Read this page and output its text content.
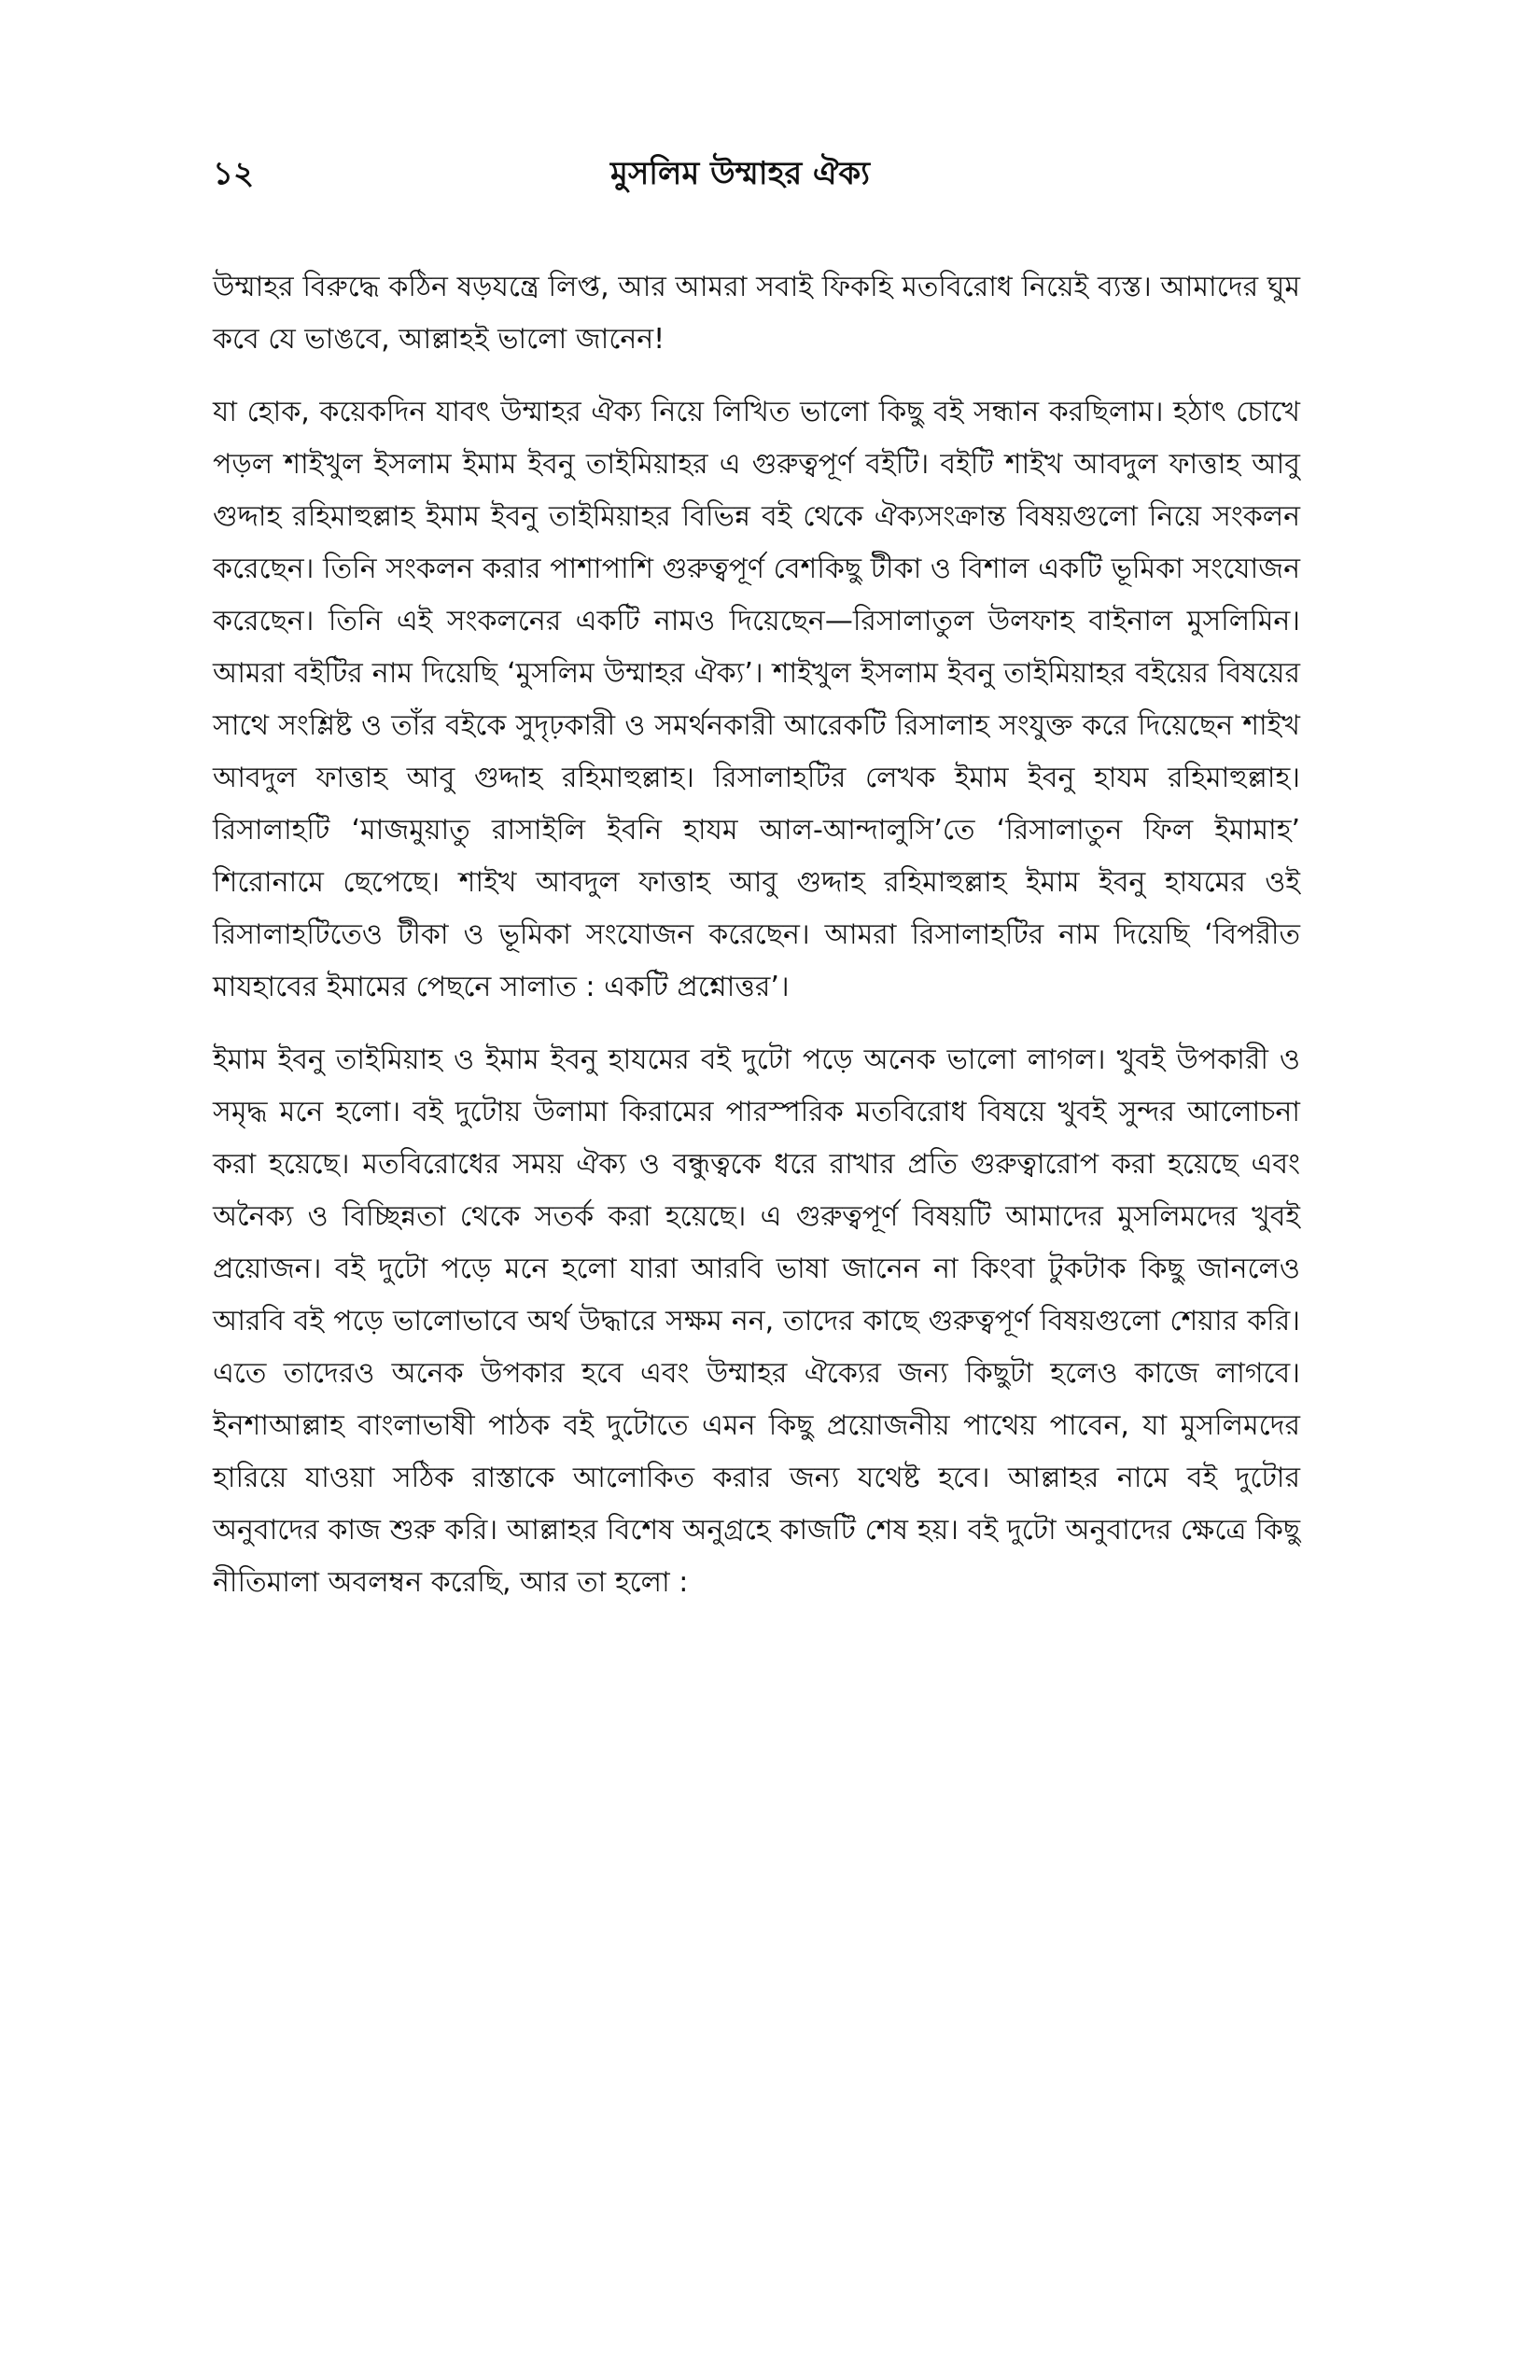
১২	মুসলিম উম্মাহর ঐক্য

উম্মাহর বিরুদ্ধে কঠিন ষড়যন্ত্রে লিপ্ত, আর আমরা সবাই ফিকহি মতবিরোধ নিয়েই ব্যস্ত। আমাদের ঘুম কবে যে ভাঙবে, আল্লাহই ভালো জানেন!

যা হোক, কয়েকদিন যাবৎ উম্মাহর ঐক্য নিয়ে লিখিত ভালো কিছু বই সন্ধান করছিলাম। হঠাৎ চোখে পড়ল শাইখুল ইসলাম ইমাম ইবনু তাইমিয়াহর এ গুরুত্বপূর্ণ বইটি। বইটি শাইখ আবদুল ফাত্তাহ আবু গুদ্দাহ রহিমাহুল্লাহ ইমাম ইবনু তাইমিয়াহর বিভিন্ন বই থেকে ঐক্যসংক্রান্ত বিষয়গুলো নিয়ে সংকলন করেছেন। তিনি সংকলন করার পাশাপাশি গুরুত্বপূর্ণ বেশকিছু টীকা ও বিশাল একটি ভূমিকা সংযোজন করেছেন। তিনি এই সংকলনের একটি নামও দিয়েছেন—রিসালাতুল উলফাহ বাইনাল মুসলিমিন। আমরা বইটির নাম দিয়েছি ‘মুসলিম উম্মাহর ঐক্য’। শাইখুল ইসলাম ইবনু তাইমিয়াহর বইয়ের বিষয়ের সাথে সংশ্লিষ্ট ও তাঁর বইকে সুদৃঢ়কারী ও সমর্থনকারী আরেকটি রিসালাহ সংযুক্ত করে দিয়েছেন শাইখ আবদুল ফাত্তাহ আবু গুদ্দাহ রহিমাহুল্লাহ। রিসালাহটির লেখক ইমাম ইবনু হাযম রহিমাহুল্লাহ। রিসালাহটি ‘মাজমুয়াতু রাসাইলি ইবনি হাযম আল-আন্দালুসি’তে ‘রিসালাতুন ফিল ইমামাহ’ শিরোনামে ছেপেছে। শাইখ আবদুল ফাত্তাহ আবু গুদ্দাহ রহিমাহুল্লাহ ইমাম ইবনু হাযমের ওই রিসালাহটিতেও টীকা ও ভূমিকা সংযোজন করেছেন। আমরা রিসালাহটির নাম দিয়েছি ‘বিপরীত মাযহাবের ইমামের পেছনে সালাত : একটি প্রশ্নোত্তর’।

ইমাম ইবনু তাইমিয়াহ ও ইমাম ইবনু হাযমের বই দুটো পড়ে অনেক ভালো লাগল। খুবই উপকারী ও সমৃদ্ধ মনে হলো। বই দুটোয় উলামা কিরামের পারস্পরিক মতবিরোধ বিষয়ে খুবই সুন্দর আলোচনা করা হয়েছে। মতবিরোধের সময় ঐক্য ও বন্ধুত্বকে ধরে রাখার প্রতি গুরুত্বারোপ করা হয়েছে এবং অনৈক্য ও বিচ্ছিন্নতা থেকে সতর্ক করা হয়েছে। এ গুরুত্বপূর্ণ বিষয়টি আমাদের মুসলিমদের খুবই প্রয়োজন। বই দুটো পড়ে মনে হলো যারা আরবি ভাষা জানেন না কিংবা টুকটাক কিছু জানলেও আরবি বই পড়ে ভালোভাবে অর্থ উদ্ধারে সক্ষম নন, তাদের কাছে গুরুত্বপূর্ণ বিষয়গুলো শেয়ার করি। এতে তাদেরও অনেক উপকার হবে এবং উম্মাহর ঐক্যের জন্য কিছুটা হলেও কাজে লাগবে। ইনশাআল্লাহ বাংলাভাষী পাঠক বই দুটোতে এমন কিছু প্রয়োজনীয় পাথেয় পাবেন, যা মুসলিমদের হারিয়ে যাওয়া সঠিক রাস্তাকে আলোকিত করার জন্য যথেষ্ট হবে। আল্লাহর নামে বই দুটোর অনুবাদের কাজ শুরু করি। আল্লাহর বিশেষ অনুগ্রহে কাজটি শেষ হয়। বই দুটো অনুবাদের ক্ষেত্রে কিছু নীতিমালা অবলম্বন করেছি, আর তা হলো :
